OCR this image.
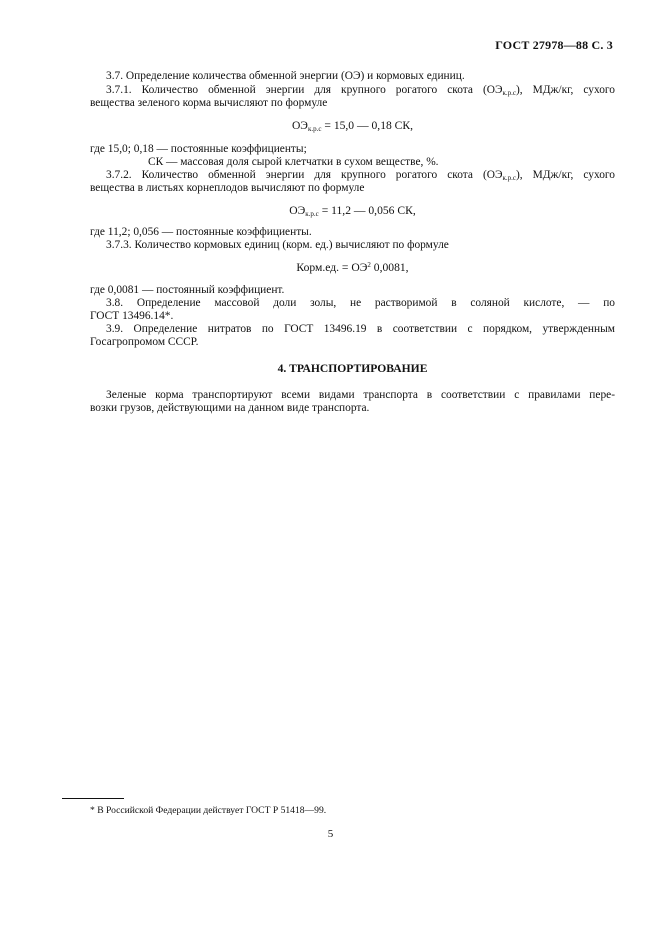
ГОСТ 27978—88 С. 3
3.7. Определение количества обменной энергии (ОЭ) и кормовых единиц.
3.7.1. Количество обменной энергии для крупного рогатого скота $(ОЭ_{к.р.с})$, МДж/кг, сухого
вещества зеленого корма вычисляют по формуле
$ОЭ_{к.р.с} = 15,0$ — 0,18 СК,
где 15,0; 0,18 — постоянные коэффициенты;
СК — массовая доля сырой клетчатки в сухом веществе, %.
3.7.2. Количество обменной энергии для крупного рогатого скота $(ОЭ_{к.р.с})$, МДж/кг, сухого
вещества в листьях корнеплодов вычисляют по формуле
$ОЭ_{к.р.с} = 11,2$ — 0,056 СК,
где 11,2; 0,056 — постоянные коэффициенты.
3.7.3. Количество кормовых единиц (корм. ед.) вычисляют по формуле
Корм.ед. = $ОЭ^2$ 0,0081,
где 0,0081 — постоянный коэффициент.
3.8. Определение массовой доли золы, не растворимой в соляной кислоте, — по
ГОСТ 13496.14*.
3.9. Определение нитратов по ГОСТ 13496.19 в соответствии с порядком, утвержденным
Госагропромом СССР.
4. ТРАНСПОРТИРОВАНИЕ
Зеленые корма транспортируют всеми видами транспорта в соответствии с правилами пере-
возки грузов, действующими на данном виде транспорта.
* В Российской Федерации действует ГОСТ Р 51418—99.
5
